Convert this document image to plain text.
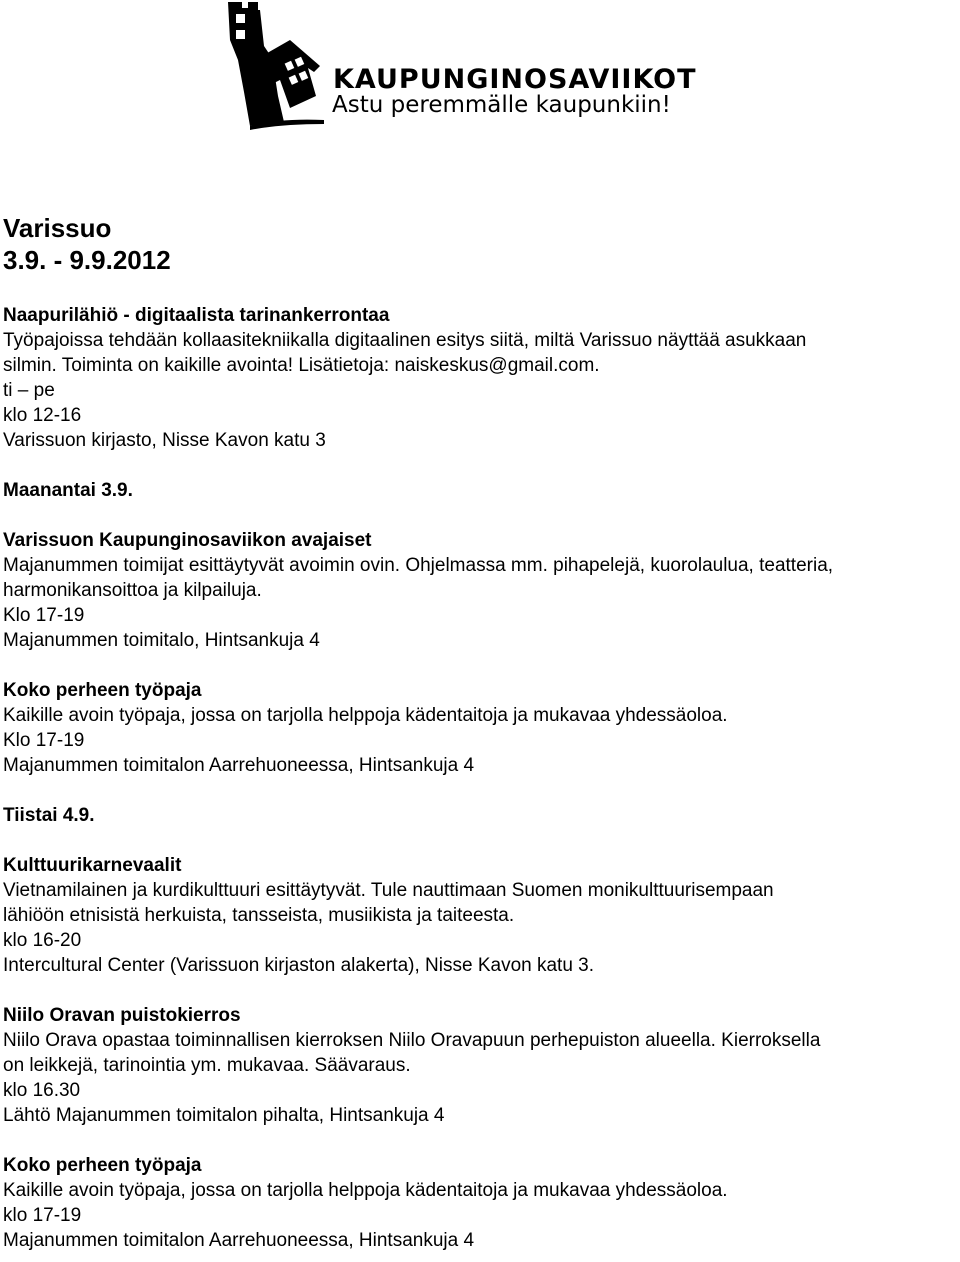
KAUPUNGINOSAVIIKOT
Astu peremmälle kaupunkiin!

Varissuo

3.9. - 9.9.2012

Naapurilähiö - digitaalista tarinankerrontaa

Työpajoissa tehdään kollaasitekniikalla digitaalinen esitys siitä, miltä Varissuo näyttää asukkaan

silmin. Toiminta on kaikille avointa! Lisätietoja: naiskeskus@gmail.com.

ti – pe

klo 12-16

Varissuon kirjasto, Nisse Kavon katu 3

Maanantai 3.9.

Varissuon Kaupunginosaviikon avajaiset

Majanummen toimijat esittäytyvät avoimin ovin. Ohjelmassa mm. pihapelejä, kuorolaulua, teatteria,

harmonikansoittoa ja kilpailuja.

Klo 17-19

Majanummen toimitalo, Hintsankuja 4

Koko perheen työpaja

Kaikille avoin työpaja, jossa on tarjolla helppoja kädentaitoja ja mukavaa yhdessäoloa.

Klo 17-19

Majanummen toimitalon Aarrehuoneessa, Hintsankuja 4

Tiistai 4.9.

Kulttuurikarnevaalit

Vietnamilainen ja kurdikulttuuri esittäytyvät. Tule nauttimaan Suomen monikulttuurisempaan

lähiöön etnisistä herkuista, tansseista, musiikista ja taiteesta.

klo 16-20

Intercultural Center (Varissuon kirjaston alakerta), Nisse Kavon katu 3.

Niilo Oravan puistokierros

Niilo Orava opastaa toiminnallisen kierroksen Niilo Oravapuun perhepuiston alueella. Kierroksella

on leikkejä, tarinointia ym. mukavaa. Säävaraus.

klo 16.30

Lähtö Majanummen toimitalon pihalta, Hintsankuja 4

Koko perheen työpaja

Kaikille avoin työpaja, jossa on tarjolla helppoja kädentaitoja ja mukavaa yhdessäoloa.

klo 17-19

Majanummen toimitalon Aarrehuoneessa, Hintsankuja 4
